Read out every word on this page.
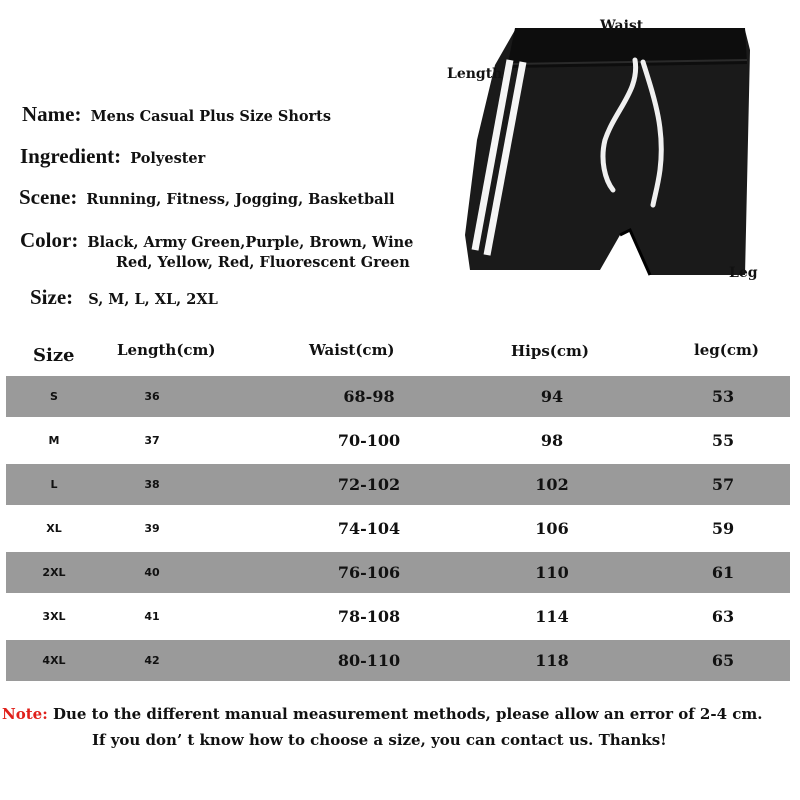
Name: Mens Casual Plus Size Shorts
Ingredient: Polyester
Scene: Running, Fitness, Jogging, Basketball
Color: Black, Army Green,Purple, Brown, Wine
Red, Yellow, Red, Fluorescent Green
Size: S, M, L, XL, 2XL
Waist
Length
Leg
Size	Length(cm)	Waist(cm)	Hips(cm)	leg(cm)
S	36	68-98	94	53
M	37	70-100	98	55
L	38	72-102	102	57
XL	39	74-104	106	59
2XL	40	76-106	110	61
3XL	41	78-108	114	63
4XL	42	80-110	118	65
Note: Due to the different manual measurement methods, please allow an error of 2-4 cm.
If you don’ t know how to choose a size, you can contact us. Thanks!
